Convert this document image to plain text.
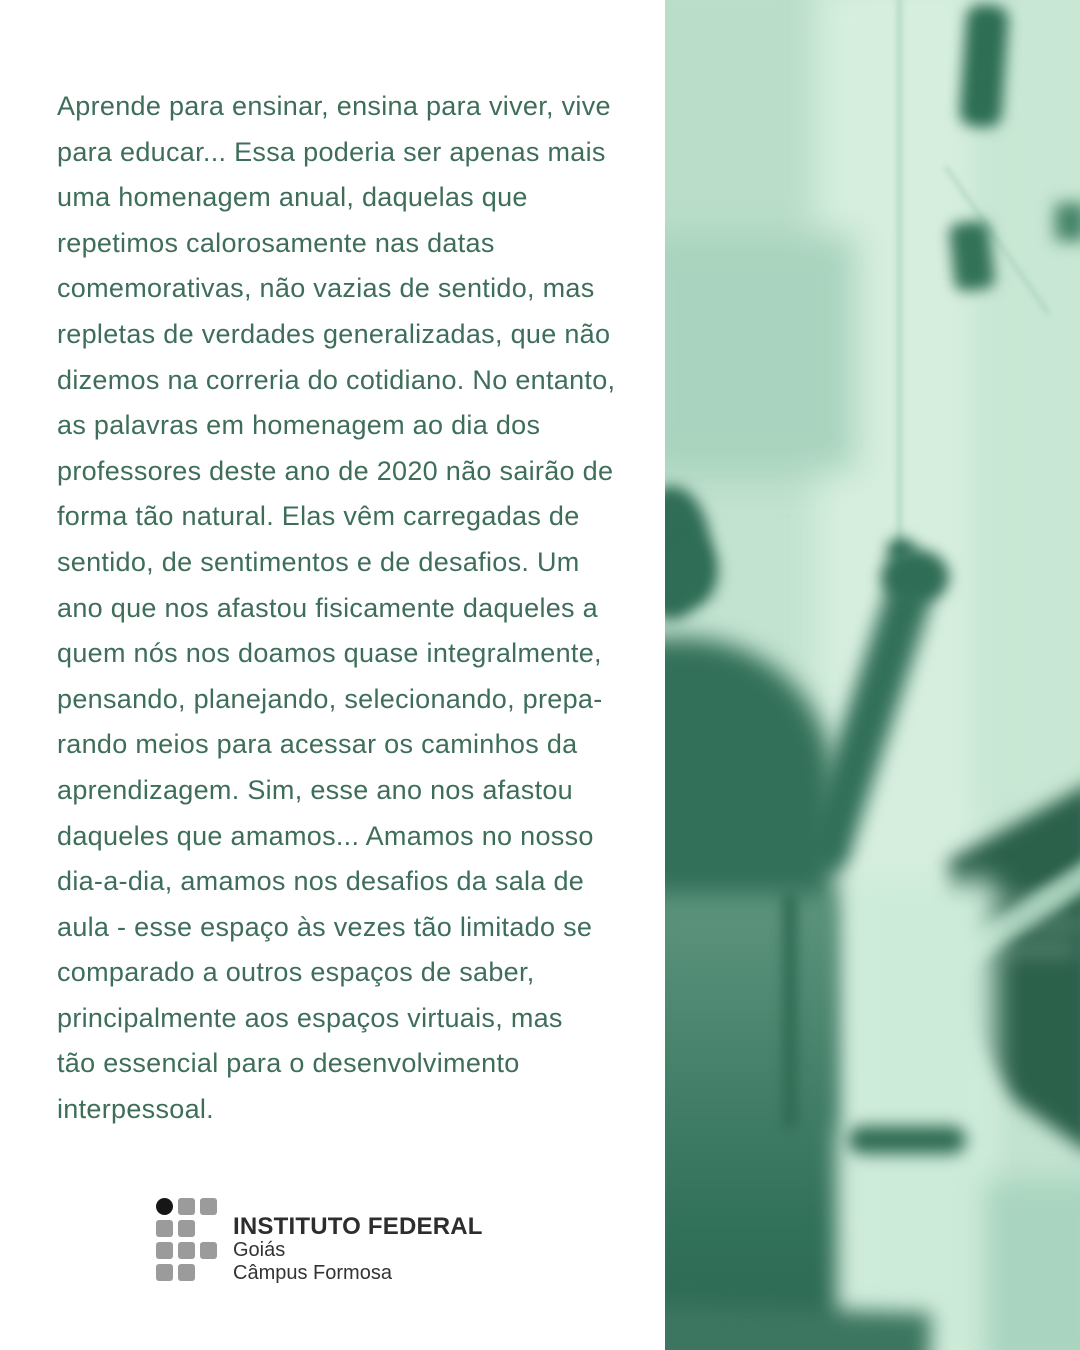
Aprende para ensinar, ensina para viver, vive
para educar... Essa poderia ser apenas mais
uma homenagem anual, daquelas que
repetimos calorosamente nas datas
comemorativas, não vazias de sentido, mas
repletas de verdades generalizadas, que não
dizemos na correria do cotidiano. No entanto,
as palavras em homenagem ao dia dos
professores deste ano de 2020 não sairão de
forma tão natural. Elas vêm carregadas de
sentido, de sentimentos e de desafios. Um
ano que nos afastou fisicamente daqueles a
quem nós nos doamos quase integralmente,
pensando, planejando, selecionando, prepa-
rando meios para acessar os caminhos da
aprendizagem. Sim, esse ano nos afastou
daqueles que amamos... Amamos no nosso
dia-a-dia, amamos nos desafios da sala de
aula - esse espaço às vezes tão limitado se
comparado a outros espaços de saber,
principalmente aos espaços virtuais, mas
tão essencial para o desenvolvimento
interpessoal.
INSTITUTO FEDERAL
Goiás
Câmpus Formosa
